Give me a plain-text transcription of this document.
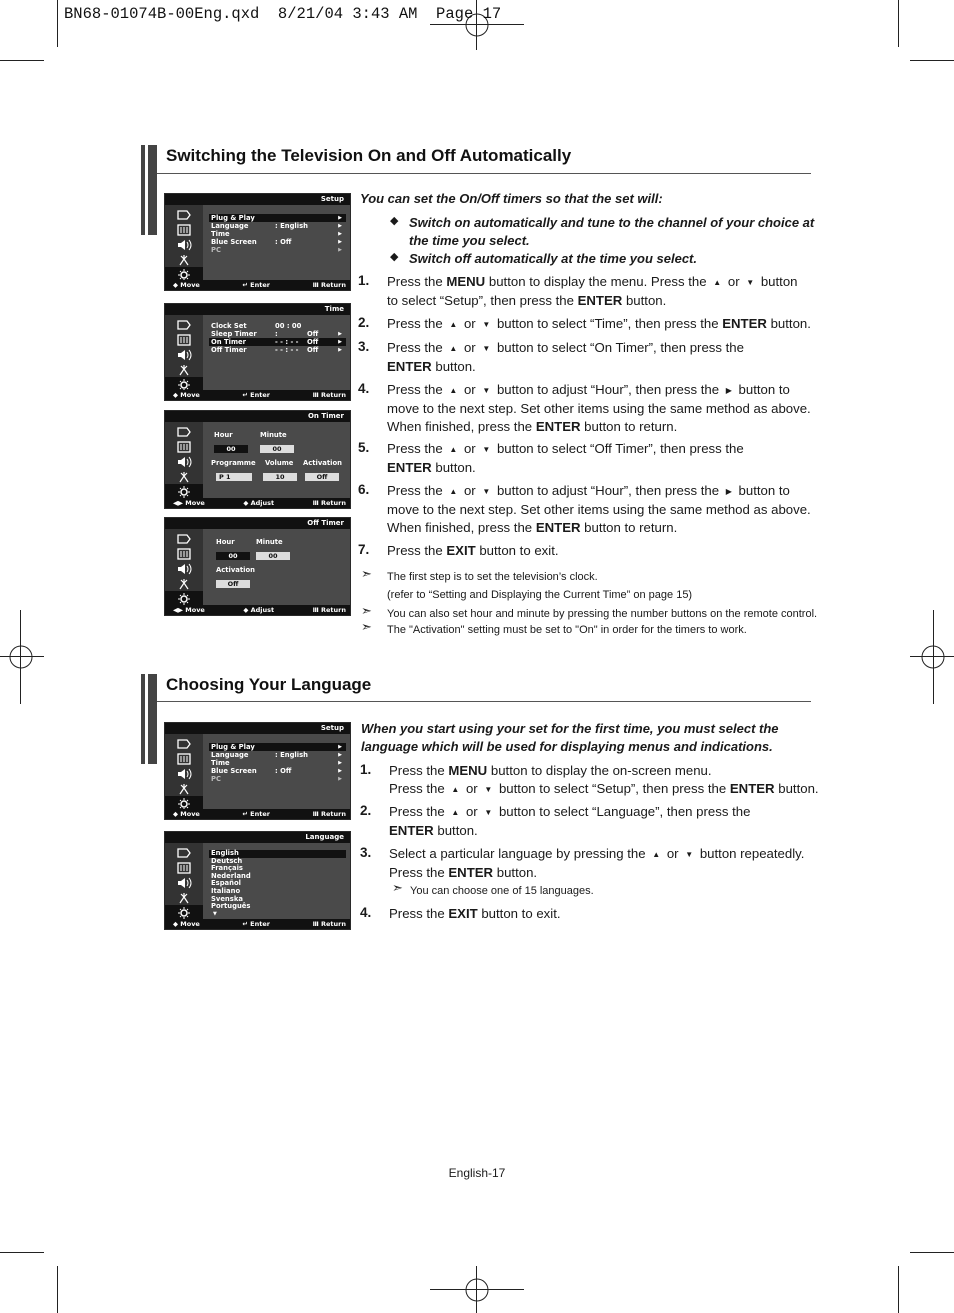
BN68-01074B-00Eng.qxd  8/21/04 3:43 AM  Page 17
Switching the Television On and Off Automatically
Setup
Plug & Play	▶
Language	: English	▶
Time	▶
Blue Screen	: Off	▶
PC	▶
◆ Move	↵ Enter	Ⅲ Return
Time
Clock Set	00 : 00
Sleep Timer	:	Off	▶
On Timer	- - : - - Off	▶
Off Timer	- - : - - Off	▶
◆ Move	↵ Enter	Ⅲ Return
On Timer
Hour	Minute
00	00
Programme Volume Activation
P 1	10	Off
◀▶ Move	◆ Adjust	Ⅲ Return
Off Timer
Hour	Minute
00	00
Activation
Off
◀▶ Move	◆ Adjust	Ⅲ Return
You can set the On/Off timers so that the set will:
◆ Switch on automatically and tune to the channel of your choice at
the time you select.
◆ Switch off automatically at the time you select.
1. Press the MENU button to display the menu. Press the ▲ or ▼ button
to select “Setup”, then press the ENTER button.
2. Press the ▲ or ▼ button to select “Time”, then press the ENTER button.
3. Press the ▲ or ▼ button to select “On Timer”, then press the
ENTER button.
4. Press the ▲ or ▼ button to adjust “Hour”, then press the ▶ button to
move to the next step. Set other items using the same method as above.
When finished, press the ENTER button to return.
5. Press the ▲ or ▼ button to select “Off Timer”, then press the
ENTER button.
6. Press the ▲ or ▼ button to adjust “Hour”, then press the ▶ button to
move to the next step. Set other items using the same method as above.
When finished, press the ENTER button to return.
7. Press the EXIT button to exit.
➣ The first step is to set the television’s clock.
(refer to “Setting and Displaying the Current Time” on page 15)
➣ You can also set hour and minute by pressing the number buttons on the remote control.
➣ The "Activation" setting must be set to "On" in order for the timers to work.
Choosing Your Language
Setup
Plug & Play	▶
Language	: English	▶
Time	▶
Blue Screen	: Off	▶
PC	▶
◆ Move	↵ Enter	Ⅲ Return
Language
English
Deutsch
Français
Nederland
Español
Italiano
Svenska
Português
▼
◆ Move	↵ Enter	Ⅲ Return
When you start using your set for the first time, you must select the
language which will be used for displaying menus and indications.
1. Press the MENU button to display the on-screen menu.
Press the ▲ or ▼ button to select “Setup”, then press the ENTER button.
2. Press the ▲ or ▼ button to select “Language”, then press the
ENTER button.
3. Select a particular language by pressing the ▲ or ▼ button repeatedly.
Press the ENTER button.
➣ You can choose one of 15 languages.
4. Press the EXIT button to exit.
English-17
